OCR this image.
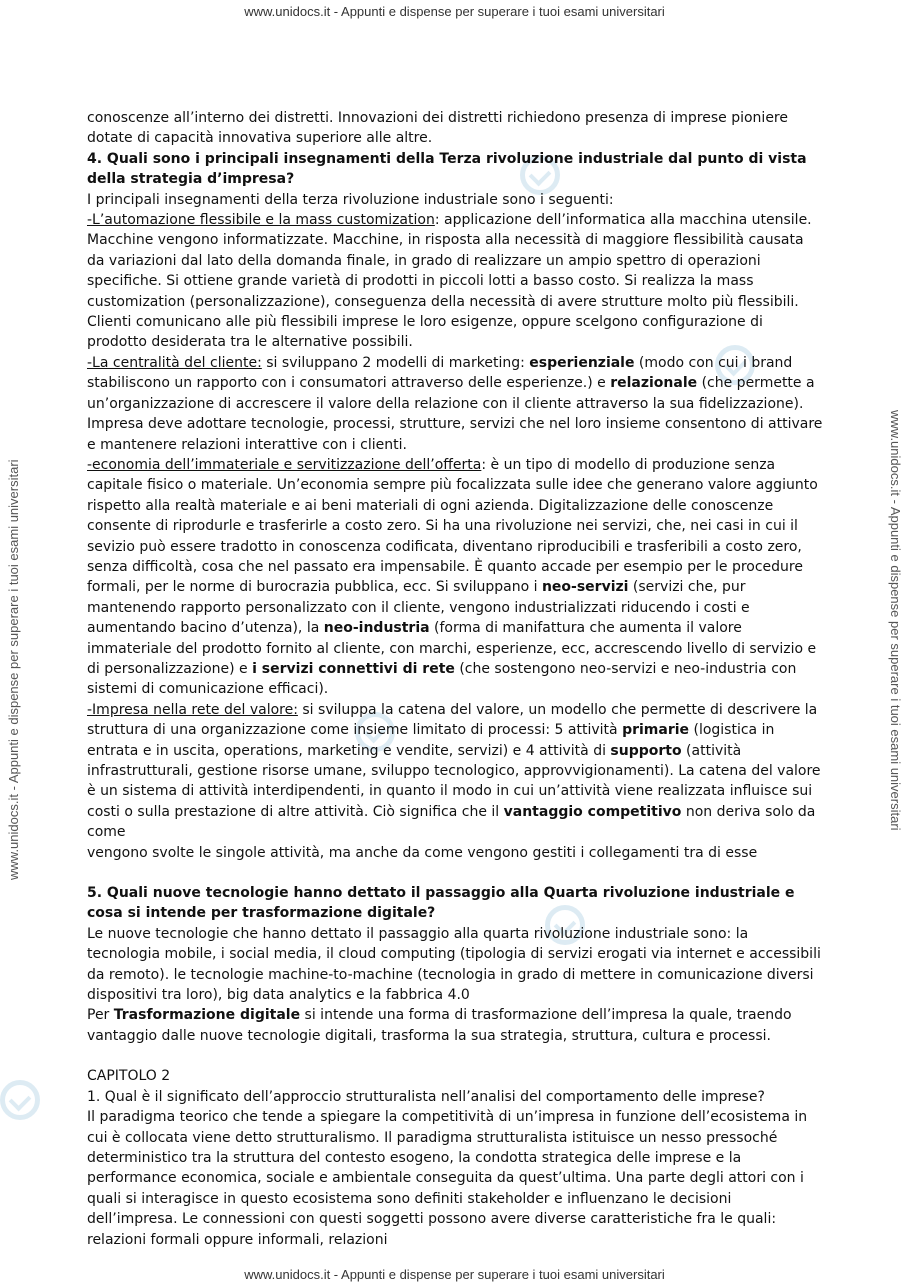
www.unidocs.it - Appunti e dispense per superare i tuoi esami universitari
www.unidocs.it - Appunti e dispense per superare i tuoi esami universitari
www.unidocs.it - Appunti e dispense per superare i tuoi esami universitari	www.unidocs.it - Appunti e dispense per superare i tuoi esami universitari

conoscenze all’interno dei distretti. Innovazioni dei distretti richiedono presenza di imprese pioniere dotate di capacità innovativa superiore alle altre.

4. Quali sono i principali insegnamenti della Terza rivoluzione industriale dal punto di vista della strategia d’impresa?

I principali insegnamenti della terza rivoluzione industriale sono i seguenti:

-L’automazione flessibile e la mass customization: applicazione dell’informatica alla macchina utensile. Macchine vengono informatizzate. Macchine, in risposta alla necessità di maggiore flessibilità causata da variazioni dal lato della domanda finale, in grado di realizzare un ampio spettro di operazioni specifiche. Si ottiene grande varietà di prodotti in piccoli lotti a basso costo. Si realizza la mass customization (personalizzazione), conseguenza della necessità di avere strutture molto più flessibili. Clienti comunicano alle più flessibili imprese le loro esigenze, oppure scelgono configurazione di prodotto desiderata tra le alternative possibili.

-La centralità del cliente: si sviluppano 2 modelli di marketing: esperienziale (modo con cui i brand stabiliscono un rapporto con i consumatori attraverso delle esperienze.) e relazionale (che permette a un’organizzazione di accrescere il valore della relazione con il cliente attraverso la sua fidelizzazione). Impresa deve adottare tecnologie, processi, strutture, servizi che nel loro insieme consentono di attivare e mantenere relazioni interattive con i clienti.

-economia dell’immateriale e servitizzazione dell’offerta: è un tipo di modello di produzione senza capitale fisico o materiale. Un’economia sempre più focalizzata sulle idee che generano valore aggiunto rispetto alla realtà materiale e ai beni materiali di ogni azienda. Digitalizzazione delle conoscenze consente di riprodurle e trasferirle a costo zero. Si ha una rivoluzione nei servizi, che, nei casi in cui il sevizio può essere tradotto in conoscenza codificata, diventano riproducibili e trasferibili a costo zero, senza difficoltà, cosa che nel passato era impensabile. È quanto accade per esempio per le procedure formali, per le norme di burocrazia pubblica, ecc. Si sviluppano i neo-servizi (servizi che, pur mantenendo rapporto personalizzato con il cliente, vengono industrializzati riducendo i costi e aumentando bacino d’utenza), la neo-industria (forma di manifattura che aumenta il valore immateriale del prodotto fornito al cliente, con marchi, esperienze, ecc, accrescendo livello di servizio e di personalizzazione) e i servizi connettivi di rete (che sostengono neo-servizi e neo-industria con sistemi di comunicazione efficaci).

-Impresa nella rete del valore: si sviluppa la catena del valore, un modello che permette di descrivere la struttura di una organizzazione come insieme limitato di processi: 5 attività primarie (logistica in entrata e in uscita, operations, marketing e vendite, servizi) e 4 attività di supporto (attività infrastrutturali, gestione risorse umane, sviluppo tecnologico, approvvigionamenti). La catena del valore è un sistema di attività interdipendenti, in quanto il modo in cui un’attività viene realizzata influisce sui costi o sulla prestazione di altre attività. Ciò significa che il vantaggio competitivo non deriva solo da come

vengono svolte le singole attività, ma anche da come vengono gestiti i collegamenti tra di esse

5. Quali nuove tecnologie hanno dettato il passaggio alla Quarta rivoluzione industriale e cosa si intende per trasformazione digitale?

Le nuove tecnologie che hanno dettato il passaggio alla quarta rivoluzione industriale sono: la tecnologia mobile, i social media, il cloud computing (tipologia di servizi erogati via internet e accessibili da remoto). le tecnologie machine-to-machine (tecnologia in grado di mettere in comunicazione diversi dispositivi tra loro), big data analytics e la fabbrica 4.0

Per Trasformazione digitale si intende una forma di trasformazione dell’impresa la quale, traendo vantaggio dalle nuove tecnologie digitali, trasforma la sua strategia, struttura, cultura e processi.

CAPITOLO 2

1. Qual è il significato dell’approccio strutturalista nell’analisi del comportamento delle imprese?

Il paradigma teorico che tende a spiegare la competitività di un’impresa in funzione dell’ecosistema in cui è collocata viene detto strutturalismo. Il paradigma strutturalista istituisce un nesso pressoché deterministico tra la struttura del contesto esogeno, la condotta strategica delle imprese e la performance economica, sociale e ambientale conseguita da quest’ultima. Una parte degli attori con i quali si interagisce in questo ecosistema sono definiti stakeholder e influenzano le decisioni dell’impresa. Le connessioni con questi soggetti possono avere diverse caratteristiche fra le quali: relazioni formali oppure informali, relazioni
